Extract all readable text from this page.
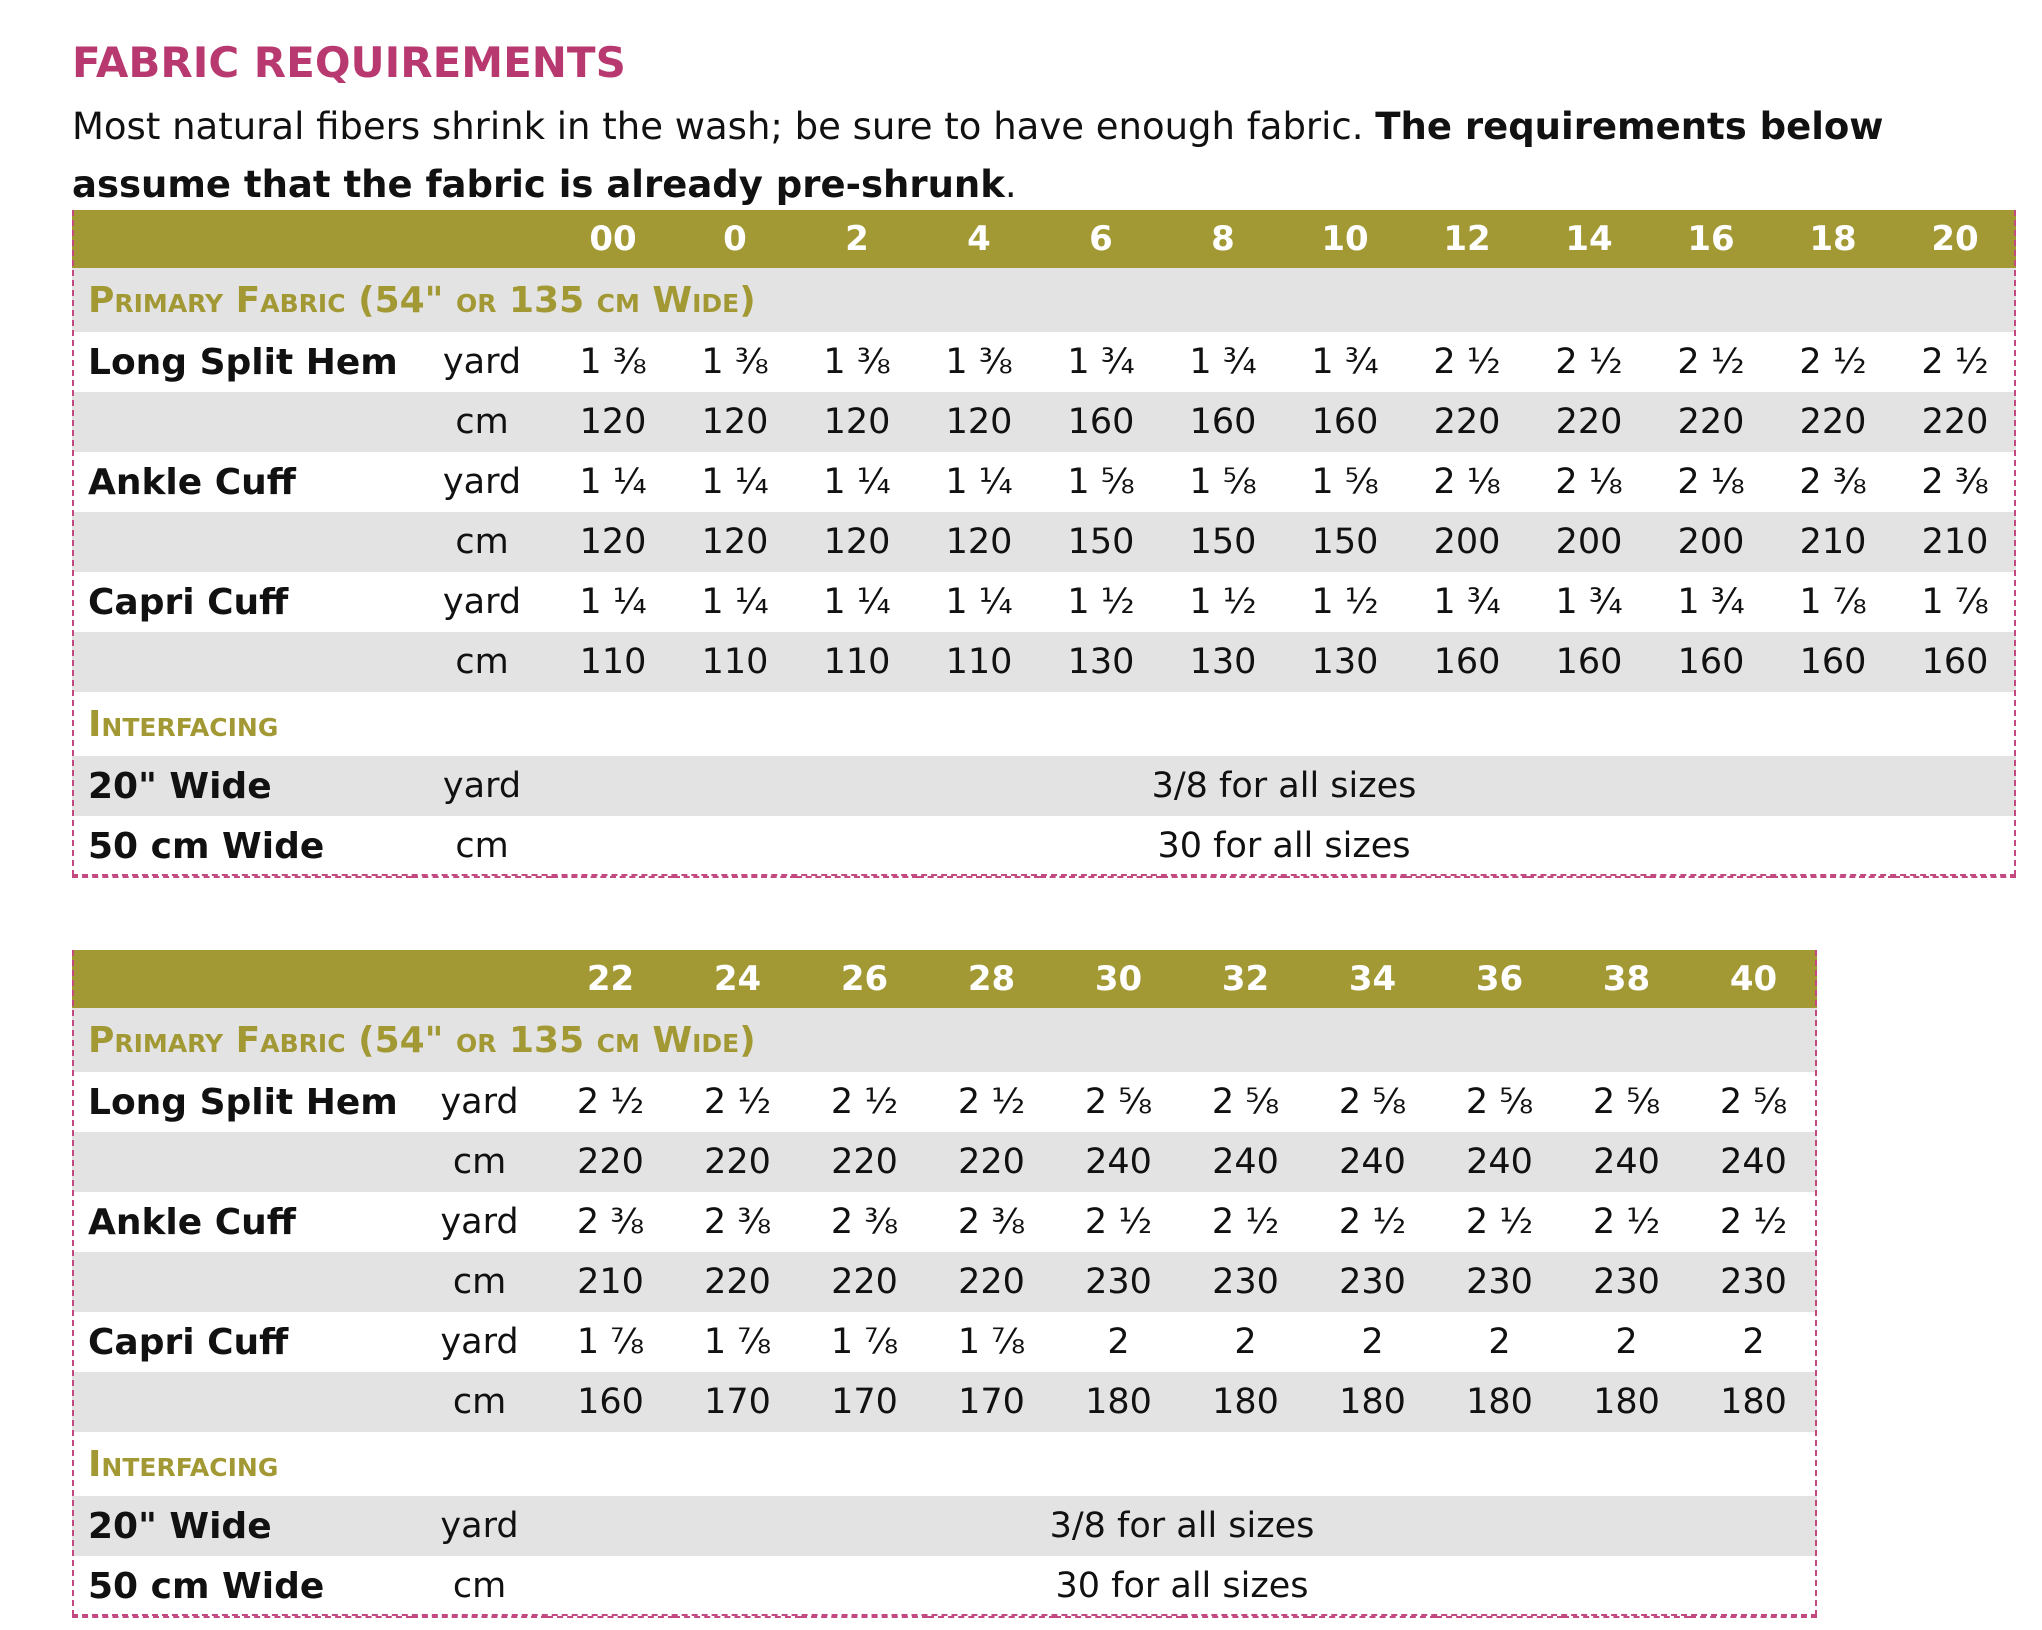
FABRIC REQUIREMENTS
Most natural fibers shrink in the wash; be sure to have enough fabric. The requirements below assume that the fabric is already pre-shrunk.
		00	0	2	4	6	8	10	12	14	16	18	20
Primary Fabric (54" or 135 cm Wide)													
Long Split Hem	yard	1 ⅜	1 ⅜	1 ⅜	1 ⅜	1 ¾	1 ¾	1 ¾	2 ½	2 ½	2 ½	2 ½	2 ½
	cm	120	120	120	120	160	160	160	220	220	220	220	220
Ankle Cuff	yard	1 ¼	1 ¼	1 ¼	1 ¼	1 ⅝	1 ⅝	1 ⅝	2 ⅛	2 ⅛	2 ⅛	2 ⅜	2 ⅜
	cm	120	120	120	120	150	150	150	200	200	200	210	210
Capri Cuff	yard	1 ¼	1 ¼	1 ¼	1 ¼	1 ½	1 ½	1 ½	1 ¾	1 ¾	1 ¾	1 ⅞	1 ⅞
	cm	110	110	110	110	130	130	130	160	160	160	160	160
Interfacing													
20" Wide	yard	3/8 for all sizes											
50 cm Wide	cm	30 for all sizes											
		22	24	26	28	30	32	34	36	38	40
Primary Fabric (54" or 135 cm Wide)											
Long Split Hem	yard	2 ½	2 ½	2 ½	2 ½	2 ⅝	2 ⅝	2 ⅝	2 ⅝	2 ⅝	2 ⅝
	cm	220	220	220	220	240	240	240	240	240	240
Ankle Cuff	yard	2 ⅜	2 ⅜	2 ⅜	2 ⅜	2 ½	2 ½	2 ½	2 ½	2 ½	2 ½
	cm	210	220	220	220	230	230	230	230	230	230
Capri Cuff	yard	1 ⅞	1 ⅞	1 ⅞	1 ⅞	2	2	2	2	2	2
	cm	160	170	170	170	180	180	180	180	180	180
Interfacing											
20" Wide	yard	3/8 for all sizes									
50 cm Wide	cm	30 for all sizes									
